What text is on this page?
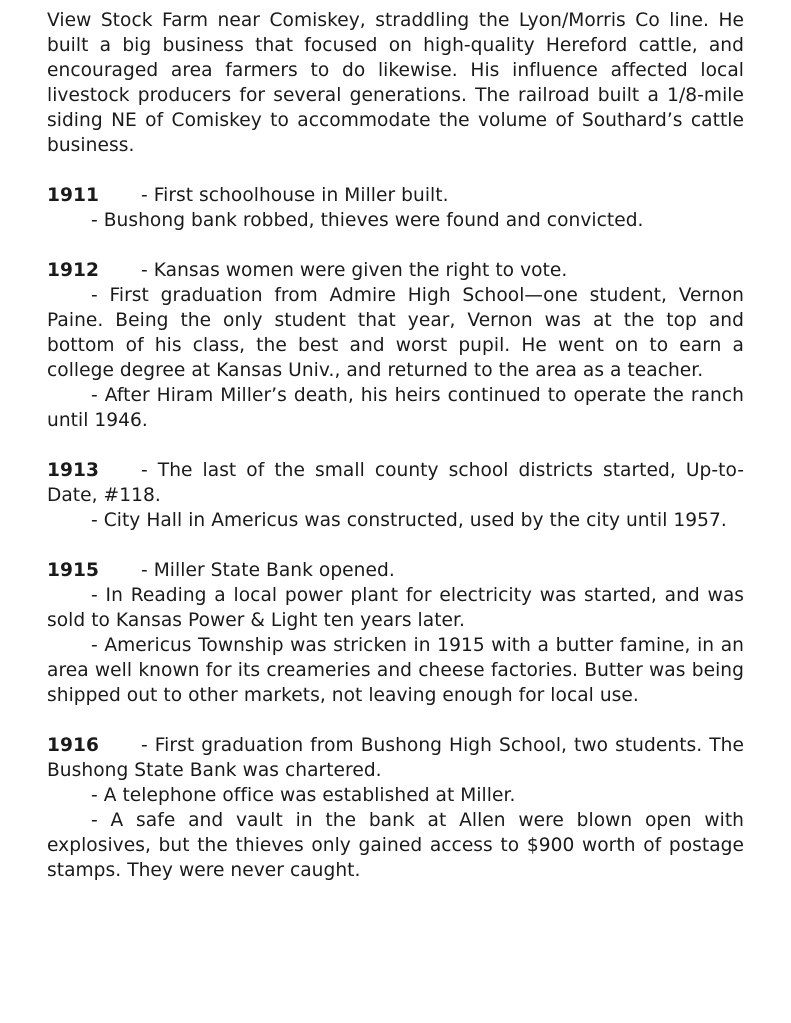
View Stock Farm near Comiskey, straddling the Lyon/Morris Co line. He built a big business that focused on high-quality Hereford cattle, and encouraged area farmers to do likewise. His influence affected local livestock producers for several generations. The railroad built a 1/8-mile siding NE of Comiskey to accommodate the volume of Southard’s cattle business.

1911 - First schoolhouse in Miller built.

- Bushong bank robbed, thieves were found and convicted.

1912 - Kansas women were given the right to vote.

- First graduation from Admire High School—one student, Vernon Paine. Being the only student that year, Vernon was at the top and bottom of his class, the best and worst pupil. He went on to earn a college degree at Kansas Univ., and returned to the area as a teacher.

- After Hiram Miller’s death, his heirs continued to operate the ranch until 1946.

1913 - The last of the small county school districts started, Up-to-Date, #118.

- City Hall in Americus was constructed, used by the city until 1957.

1915 - Miller State Bank opened.

- In Reading a local power plant for electricity was started, and was sold to Kansas Power & Light ten years later.

- Americus Township was stricken in 1915 with a butter famine, in an area well known for its creameries and cheese factories. Butter was being shipped out to other markets, not leaving enough for local use.

1916 - First graduation from Bushong High School, two students. The Bushong State Bank was chartered.

- A telephone office was established at Miller.

- A safe and vault in the bank at Allen were blown open with explosives, but the thieves only gained access to $900 worth of postage stamps. They were never caught.
